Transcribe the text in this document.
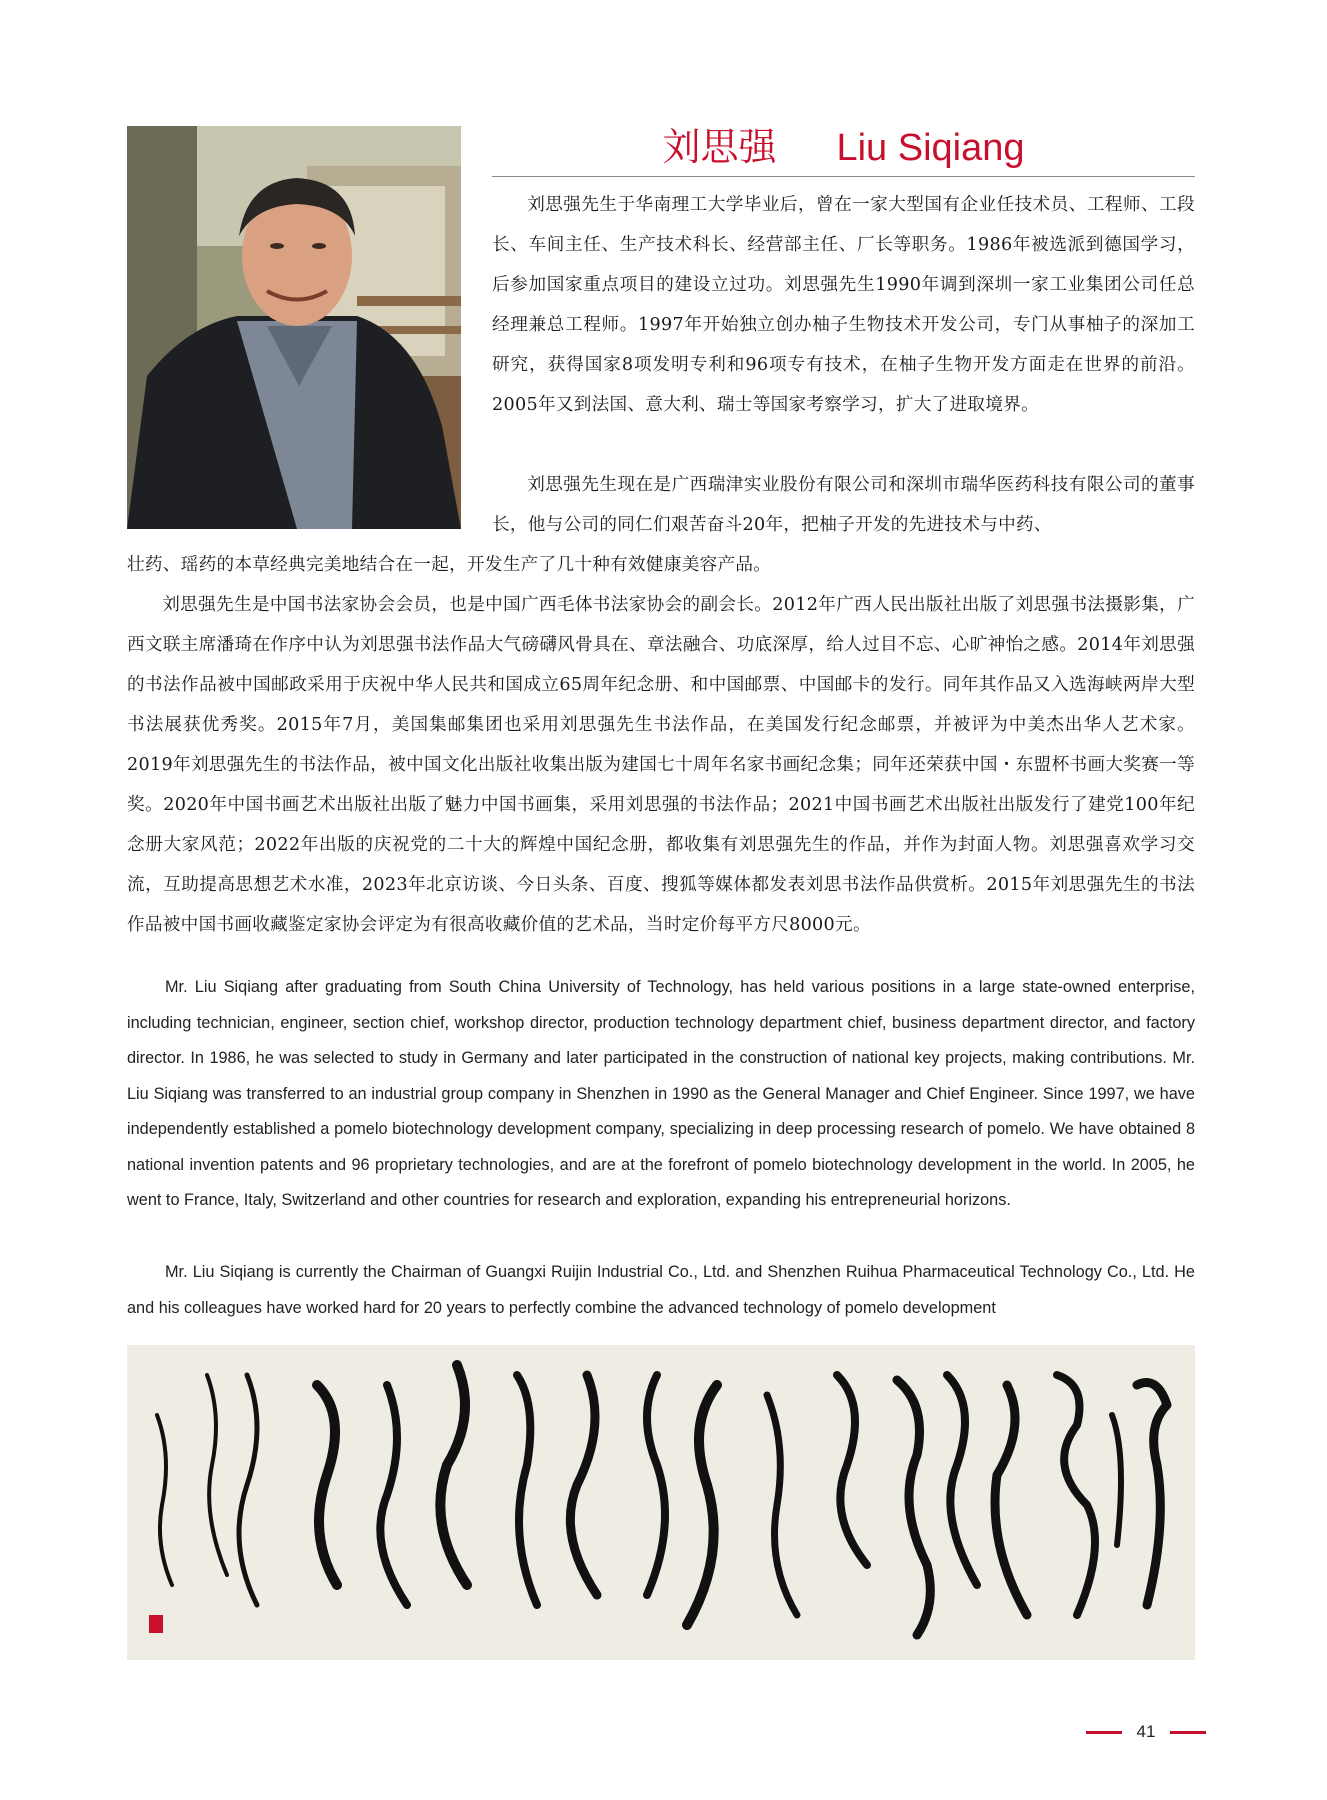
刘思强 Liu Siqiang

刘思强先生于华南理工大学毕业后，曾在一家大型国有企业任技术员、工程师、工段长、车间主任、生产技术科长、经营部主任、厂长等职务。1986年被选派到德国学习，后参加国家重点项目的建设立过功。刘思强先生1990年调到深圳一家工业集团公司任总经理兼总工程师。1997年开始独立创办柚子生物技术开发公司，专门从事柚子的深加工研究，获得国家8项发明专利和96项专有技术，在柚子生物开发方面走在世界的前沿。2005年又到法国、意大利、瑞士等国家考察学习，扩大了进取境界。

刘思强先生现在是广西瑞津实业股份有限公司和深圳市瑞华医药科技有限公司的董事长，他与公司的同仁们艰苦奋斗20年，把柚子开发的先进技术与中药、
壮药、瑶药的本草经典完美地结合在一起，开发生产了几十种有效健康美容产品。

刘思强先生是中国书法家协会会员，也是中国广西毛体书法家协会的副会长。2012年广西人民出版社出版了刘思强书法摄影集，广西文联主席潘琦在作序中认为刘思强书法作品大气磅礴风骨具在、章法融合、功底深厚，给人过目不忘、心旷神怡之感。2014年刘思强的书法作品被中国邮政采用于庆祝中华人民共和国成立65周年纪念册、和中国邮票、中国邮卡的发行。同年其作品又入选海峡两岸大型书法展获优秀奖。2015年7月，美国集邮集团也采用刘思强先生书法作品，在美国发行纪念邮票，并被评为中美杰出华人艺术家。2019年刘思强先生的书法作品，被中国文化出版社收集出版为建国七十周年名家书画纪念集；同年还荣获中国・东盟杯书画大奖赛一等奖。2020年中国书画艺术出版社出版了魅力中国书画集，采用刘思强的书法作品；2021中国书画艺术出版社出版发行了建党100年纪念册大家风范；2022年出版的庆祝党的二十大的辉煌中国纪念册，都收集有刘思强先生的作品，并作为封面人物。刘思强喜欢学习交流，互助提高思想艺术水准，2023年北京访谈、今日头条、百度、搜狐等媒体都发表刘思书法作品供赏析。2015年刘思强先生的书法作品被中国书画收藏鉴定家协会评定为有很高收藏价值的艺术品，当时定价每平方尺8000元。

Mr. Liu Siqiang after graduating from South China University of Technology, has held various positions in a large state-owned enterprise, including technician, engineer, section chief, workshop director, production technology department chief, business department director, and factory director. In 1986, he was selected to study in Germany and later participated in the construction of national key projects, making contributions. Mr. Liu Siqiang was transferred to an industrial group company in Shenzhen in 1990 as the General Manager and Chief Engineer. Since 1997, we have independently established a pomelo biotechnology development company, specializing in deep processing research of pomelo. We have obtained 8 national invention patents and 96 proprietary technologies, and are at the forefront of pomelo biotechnology development in the world. In 2005, he went to France, Italy, Switzerland and other countries for research and exploration, expanding his entrepreneurial horizons.

Mr. Liu Siqiang is currently the Chairman of Guangxi Ruijin Industrial Co., Ltd. and Shenzhen Ruihua Pharmaceutical Technology Co., Ltd. He and his colleagues have worked hard for 20 years to perfectly combine the advanced technology of pomelo development

41
